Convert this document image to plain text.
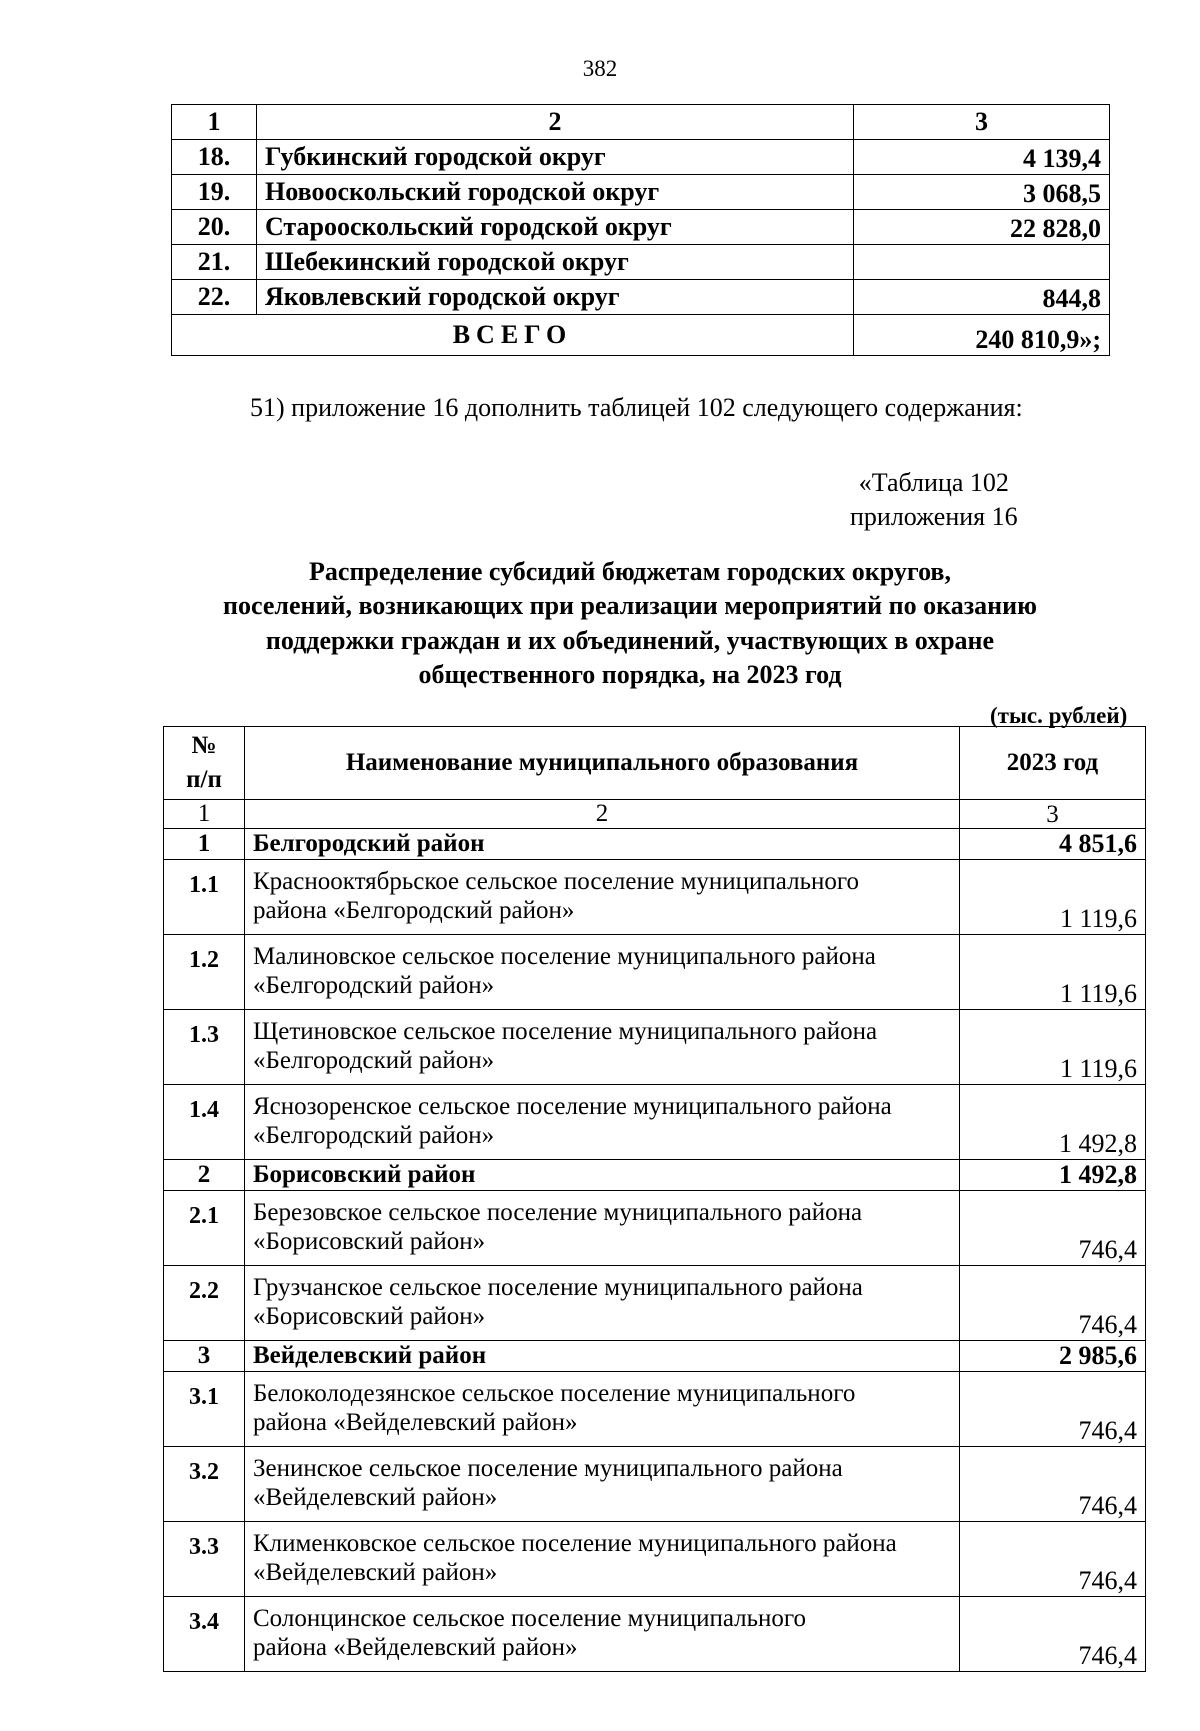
382
1	2	3
18.	Губкинский городской округ	4 139,4
19.	Новооскольский городской округ	3 068,5
20.	Старооскольский городской округ	22 828,0
21.	Шебекинский городской округ	
22.	Яковлевский городской округ	844,8
ВСЕГО		240 810,9»;
51) приложение 16 дополнить таблицей 102 следующего содержания:
«Таблица 102
приложения 16
Распределение субсидий бюджетам городских округов,
поселений, возникающих при реализации мероприятий по оказанию
поддержки граждан и их объединений, участвующих в охране
общественного порядка, на 2023 год
(тыс. рублей)
№
п/п	Наименование муниципального образования	2023 год
1	2	3
1	Белгородский район	4 851,6
1.1	Краснооктябрьское сельское поселение муниципального
района «Белгородский район»	1 119,6
1.2	Малиновское сельское поселение муниципального района
«Белгородский район»	1 119,6
1.3	Щетиновское сельское поселение муниципального района
«Белгородский район»	1 119,6
1.4	Яснозоренское сельское поселение муниципального района
«Белгородский район»	1 492,8
2	Борисовский район	1 492,8
2.1	Березовское сельское поселение муниципального района
«Борисовский район»	746,4
2.2	Грузчанское сельское поселение муниципального района
«Борисовский район»	746,4
3	Вейделевский район	2 985,6
3.1	Белоколодезянское сельское поселение муниципального
района «Вейделевский район»	746,4
3.2	Зенинское сельское поселение муниципального района
«Вейделевский район»	746,4
3.3	Клименковское сельское поселение муниципального района
«Вейделевский район»	746,4
3.4	Солонцинское сельское поселение муниципального
района «Вейделевский район»	746,4
